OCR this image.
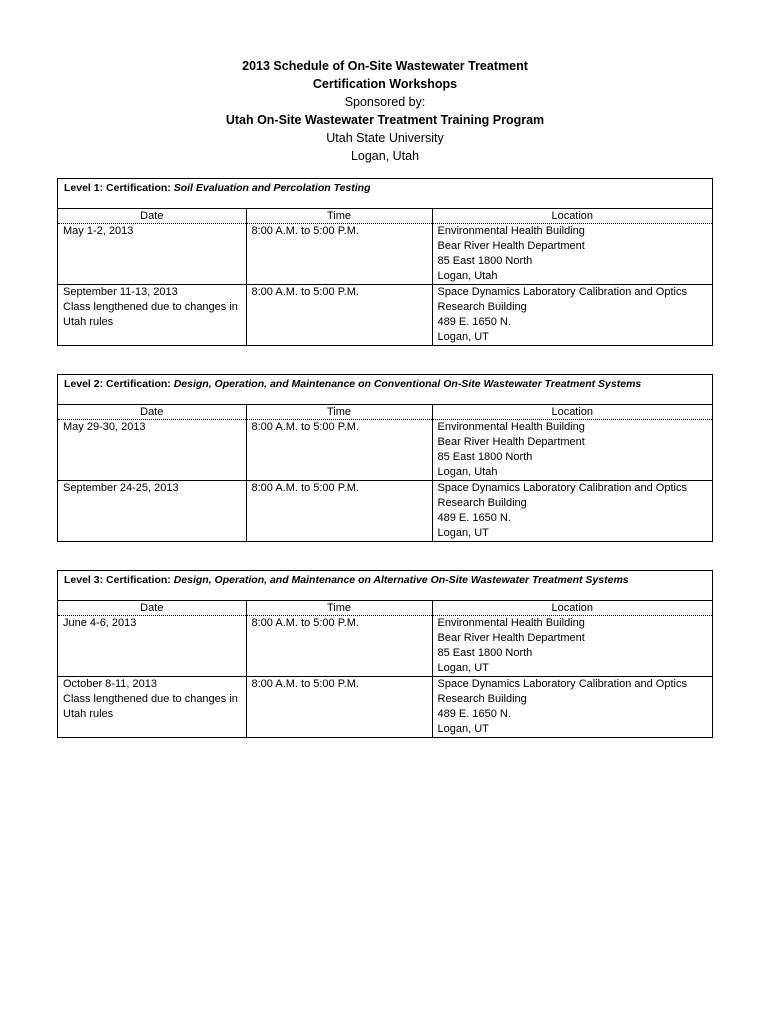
2013 Schedule of On-Site Wastewater Treatment
Certification Workshops
Sponsored by:
Utah On-Site Wastewater Treatment Training Program
Utah State University
Logan, Utah
Level 1: Certification: Soil Evaluation and Percolation Testing
Date	Time	Location

May 1-2, 2013	8:00 A.M. to 5:00 P.M.	Environmental Health Building
Bear River Health Department
85 East 1800 North
Logan, Utah

September 11-13, 2013
Class lengthened due to changes in
Utah rules	8:00 A.M. to 5:00 P.M.	Space Dynamics Laboratory Calibration and Optics
Research Building
489 E. 1650 N.
Logan, UT
Level 2: Certification: Design, Operation, and Maintenance on Conventional On-Site Wastewater Treatment Systems
Date	Time	Location

May 29-30, 2013	8:00 A.M. to 5:00 P.M.	Environmental Health Building
Bear River Health Department
85 East 1800 North
Logan, Utah

September 24-25, 2013	8:00 A.M. to 5:00 P.M.	Space Dynamics Laboratory Calibration and Optics
Research Building
489 E. 1650 N.
Logan, UT
Level 3: Certification: Design, Operation, and Maintenance on Alternative On-Site Wastewater Treatment Systems
Date	Time	Location

June 4-6, 2013	8:00 A.M. to 5:00 P.M.	Environmental Health Building
Bear River Health Department
85 East 1800 North
Logan, UT

October 8-11, 2013
Class lengthened due to changes in
Utah rules	8:00 A.M. to 5:00 P.M.	Space Dynamics Laboratory Calibration and Optics
Research Building
489 E. 1650 N.
Logan, UT
